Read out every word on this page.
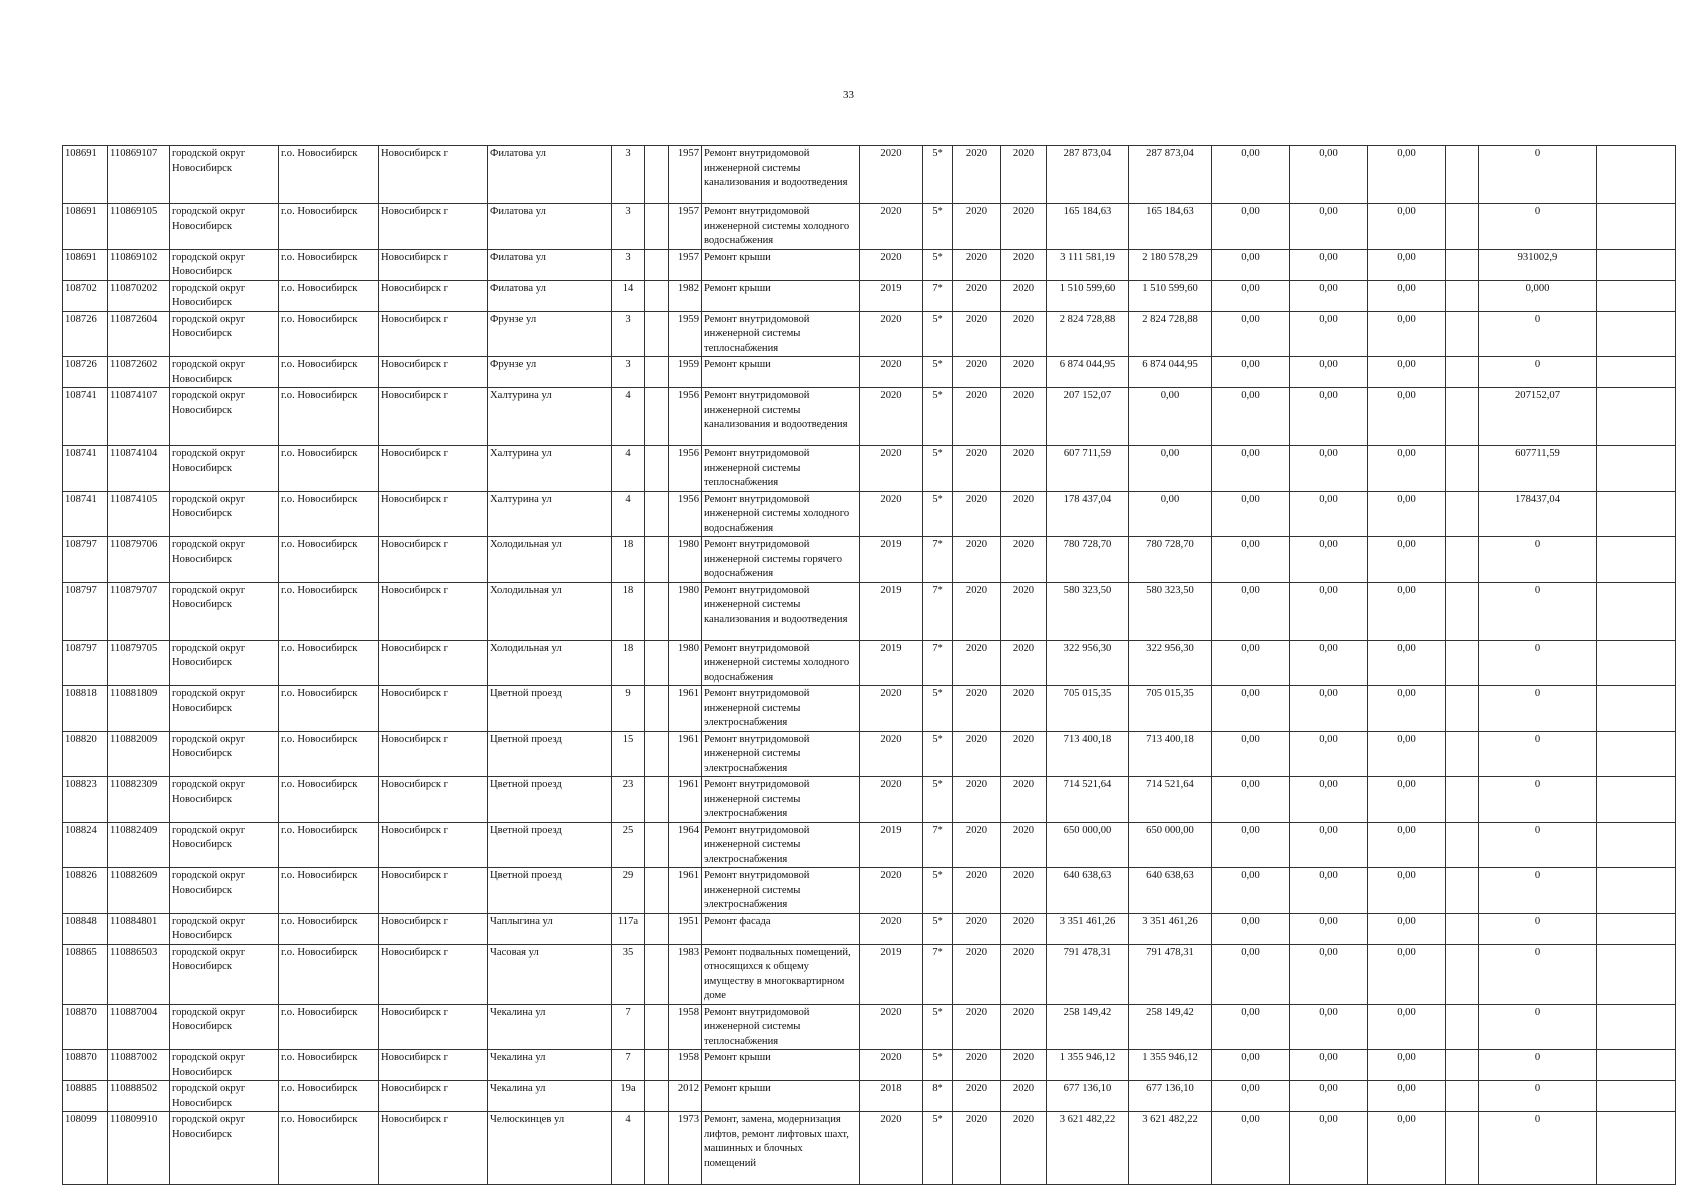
33
108691	110869107	городской округ Новосибирск	г.о. Новосибирск	Новосибирск г	Филатова ул	3		1957	Ремонт внутридомовой инженерной системы канализования и водоотведения	2020	5*	2020	2020	287 873,04	287 873,04	0,00	0,00	0,00		0	
108691	110869105	городской округ Новосибирск	г.о. Новосибирск	Новосибирск г	Филатова ул	3		1957	Ремонт внутридомовой инженерной системы холодного водоснабжения	2020	5*	2020	2020	165 184,63	165 184,63	0,00	0,00	0,00		0	
108691	110869102	городской округ Новосибирск	г.о. Новосибирск	Новосибирск г	Филатова ул	3		1957	Ремонт крыши	2020	5*	2020	2020	3 111 581,19	2 180 578,29	0,00	0,00	0,00		931002,9	
108702	110870202	городской округ Новосибирск	г.о. Новосибирск	Новосибирск г	Филатова ул	14		1982	Ремонт крыши	2019	7*	2020	2020	1 510 599,60	1 510 599,60	0,00	0,00	0,00		0,000	
108726	110872604	городской округ Новосибирск	г.о. Новосибирск	Новосибирск г	Фрунзе ул	3		1959	Ремонт внутридомовой инженерной системы теплоснабжения	2020	5*	2020	2020	2 824 728,88	2 824 728,88	0,00	0,00	0,00		0	
108726	110872602	городской округ Новосибирск	г.о. Новосибирск	Новосибирск г	Фрунзе ул	3		1959	Ремонт крыши	2020	5*	2020	2020	6 874 044,95	6 874 044,95	0,00	0,00	0,00		0	
108741	110874107	городской округ Новосибирск	г.о. Новосибирск	Новосибирск г	Халтурина ул	4		1956	Ремонт внутридомовой инженерной системы канализования и водоотведения	2020	5*	2020	2020	207 152,07	0,00	0,00	0,00	0,00		207152,07	
108741	110874104	городской округ Новосибирск	г.о. Новосибирск	Новосибирск г	Халтурина ул	4		1956	Ремонт внутридомовой инженерной системы теплоснабжения	2020	5*	2020	2020	607 711,59	0,00	0,00	0,00	0,00		607711,59	
108741	110874105	городской округ Новосибирск	г.о. Новосибирск	Новосибирск г	Халтурина ул	4		1956	Ремонт внутридомовой инженерной системы холодного водоснабжения	2020	5*	2020	2020	178 437,04	0,00	0,00	0,00	0,00		178437,04	
108797	110879706	городской округ Новосибирск	г.о. Новосибирск	Новосибирск г	Холодильная ул	18		1980	Ремонт внутридомовой инженерной системы горячего водоснабжения	2019	7*	2020	2020	780 728,70	780 728,70	0,00	0,00	0,00		0	
108797	110879707	городской округ Новосибирск	г.о. Новосибирск	Новосибирск г	Холодильная ул	18		1980	Ремонт внутридомовой инженерной системы канализования и водоотведения	2019	7*	2020	2020	580 323,50	580 323,50	0,00	0,00	0,00		0	
108797	110879705	городской округ Новосибирск	г.о. Новосибирск	Новосибирск г	Холодильная ул	18		1980	Ремонт внутридомовой инженерной системы холодного водоснабжения	2019	7*	2020	2020	322 956,30	322 956,30	0,00	0,00	0,00		0	
108818	110881809	городской округ Новосибирск	г.о. Новосибирск	Новосибирск г	Цветной проезд	9		1961	Ремонт внутридомовой инженерной системы электроснабжения	2020	5*	2020	2020	705 015,35	705 015,35	0,00	0,00	0,00		0	
108820	110882009	городской округ Новосибирск	г.о. Новосибирск	Новосибирск г	Цветной проезд	15		1961	Ремонт внутридомовой инженерной системы электроснабжения	2020	5*	2020	2020	713 400,18	713 400,18	0,00	0,00	0,00		0	
108823	110882309	городской округ Новосибирск	г.о. Новосибирск	Новосибирск г	Цветной проезд	23		1961	Ремонт внутридомовой инженерной системы электроснабжения	2020	5*	2020	2020	714 521,64	714 521,64	0,00	0,00	0,00		0	
108824	110882409	городской округ Новосибирск	г.о. Новосибирск	Новосибирск г	Цветной проезд	25		1964	Ремонт внутридомовой инженерной системы электроснабжения	2019	7*	2020	2020	650 000,00	650 000,00	0,00	0,00	0,00		0	
108826	110882609	городской округ Новосибирск	г.о. Новосибирск	Новосибирск г	Цветной проезд	29		1961	Ремонт внутридомовой инженерной системы электроснабжения	2020	5*	2020	2020	640 638,63	640 638,63	0,00	0,00	0,00		0	
108848	110884801	городской округ Новосибирск	г.о. Новосибирск	Новосибирск г	Чаплыгина ул	117а		1951	Ремонт фасада	2020	5*	2020	2020	3 351 461,26	3 351 461,26	0,00	0,00	0,00		0	
108865	110886503	городской округ Новосибирск	г.о. Новосибирск	Новосибирск г	Часовая ул	35		1983	Ремонт подвальных помещений, относящихся к общему имуществу в многоквартирном доме	2019	7*	2020	2020	791 478,31	791 478,31	0,00	0,00	0,00		0	
108870	110887004	городской округ Новосибирск	г.о. Новосибирск	Новосибирск г	Чекалина ул	7		1958	Ремонт внутридомовой инженерной системы теплоснабжения	2020	5*	2020	2020	258 149,42	258 149,42	0,00	0,00	0,00		0	
108870	110887002	городской округ Новосибирск	г.о. Новосибирск	Новосибирск г	Чекалина ул	7		1958	Ремонт крыши	2020	5*	2020	2020	1 355 946,12	1 355 946,12	0,00	0,00	0,00		0	
108885	110888502	городской округ Новосибирск	г.о. Новосибирск	Новосибирск г	Чекалина ул	19а		2012	Ремонт крыши	2018	8*	2020	2020	677 136,10	677 136,10	0,00	0,00	0,00		0	
108099	110809910	городской округ Новосибирск	г.о. Новосибирск	Новосибирск г	Челюскинцев ул	4		1973	Ремонт, замена, модернизация лифтов, ремонт лифтовых шахт, машинных и блочных помещений	2020	5*	2020	2020	3 621 482,22	3 621 482,22	0,00	0,00	0,00		0	
